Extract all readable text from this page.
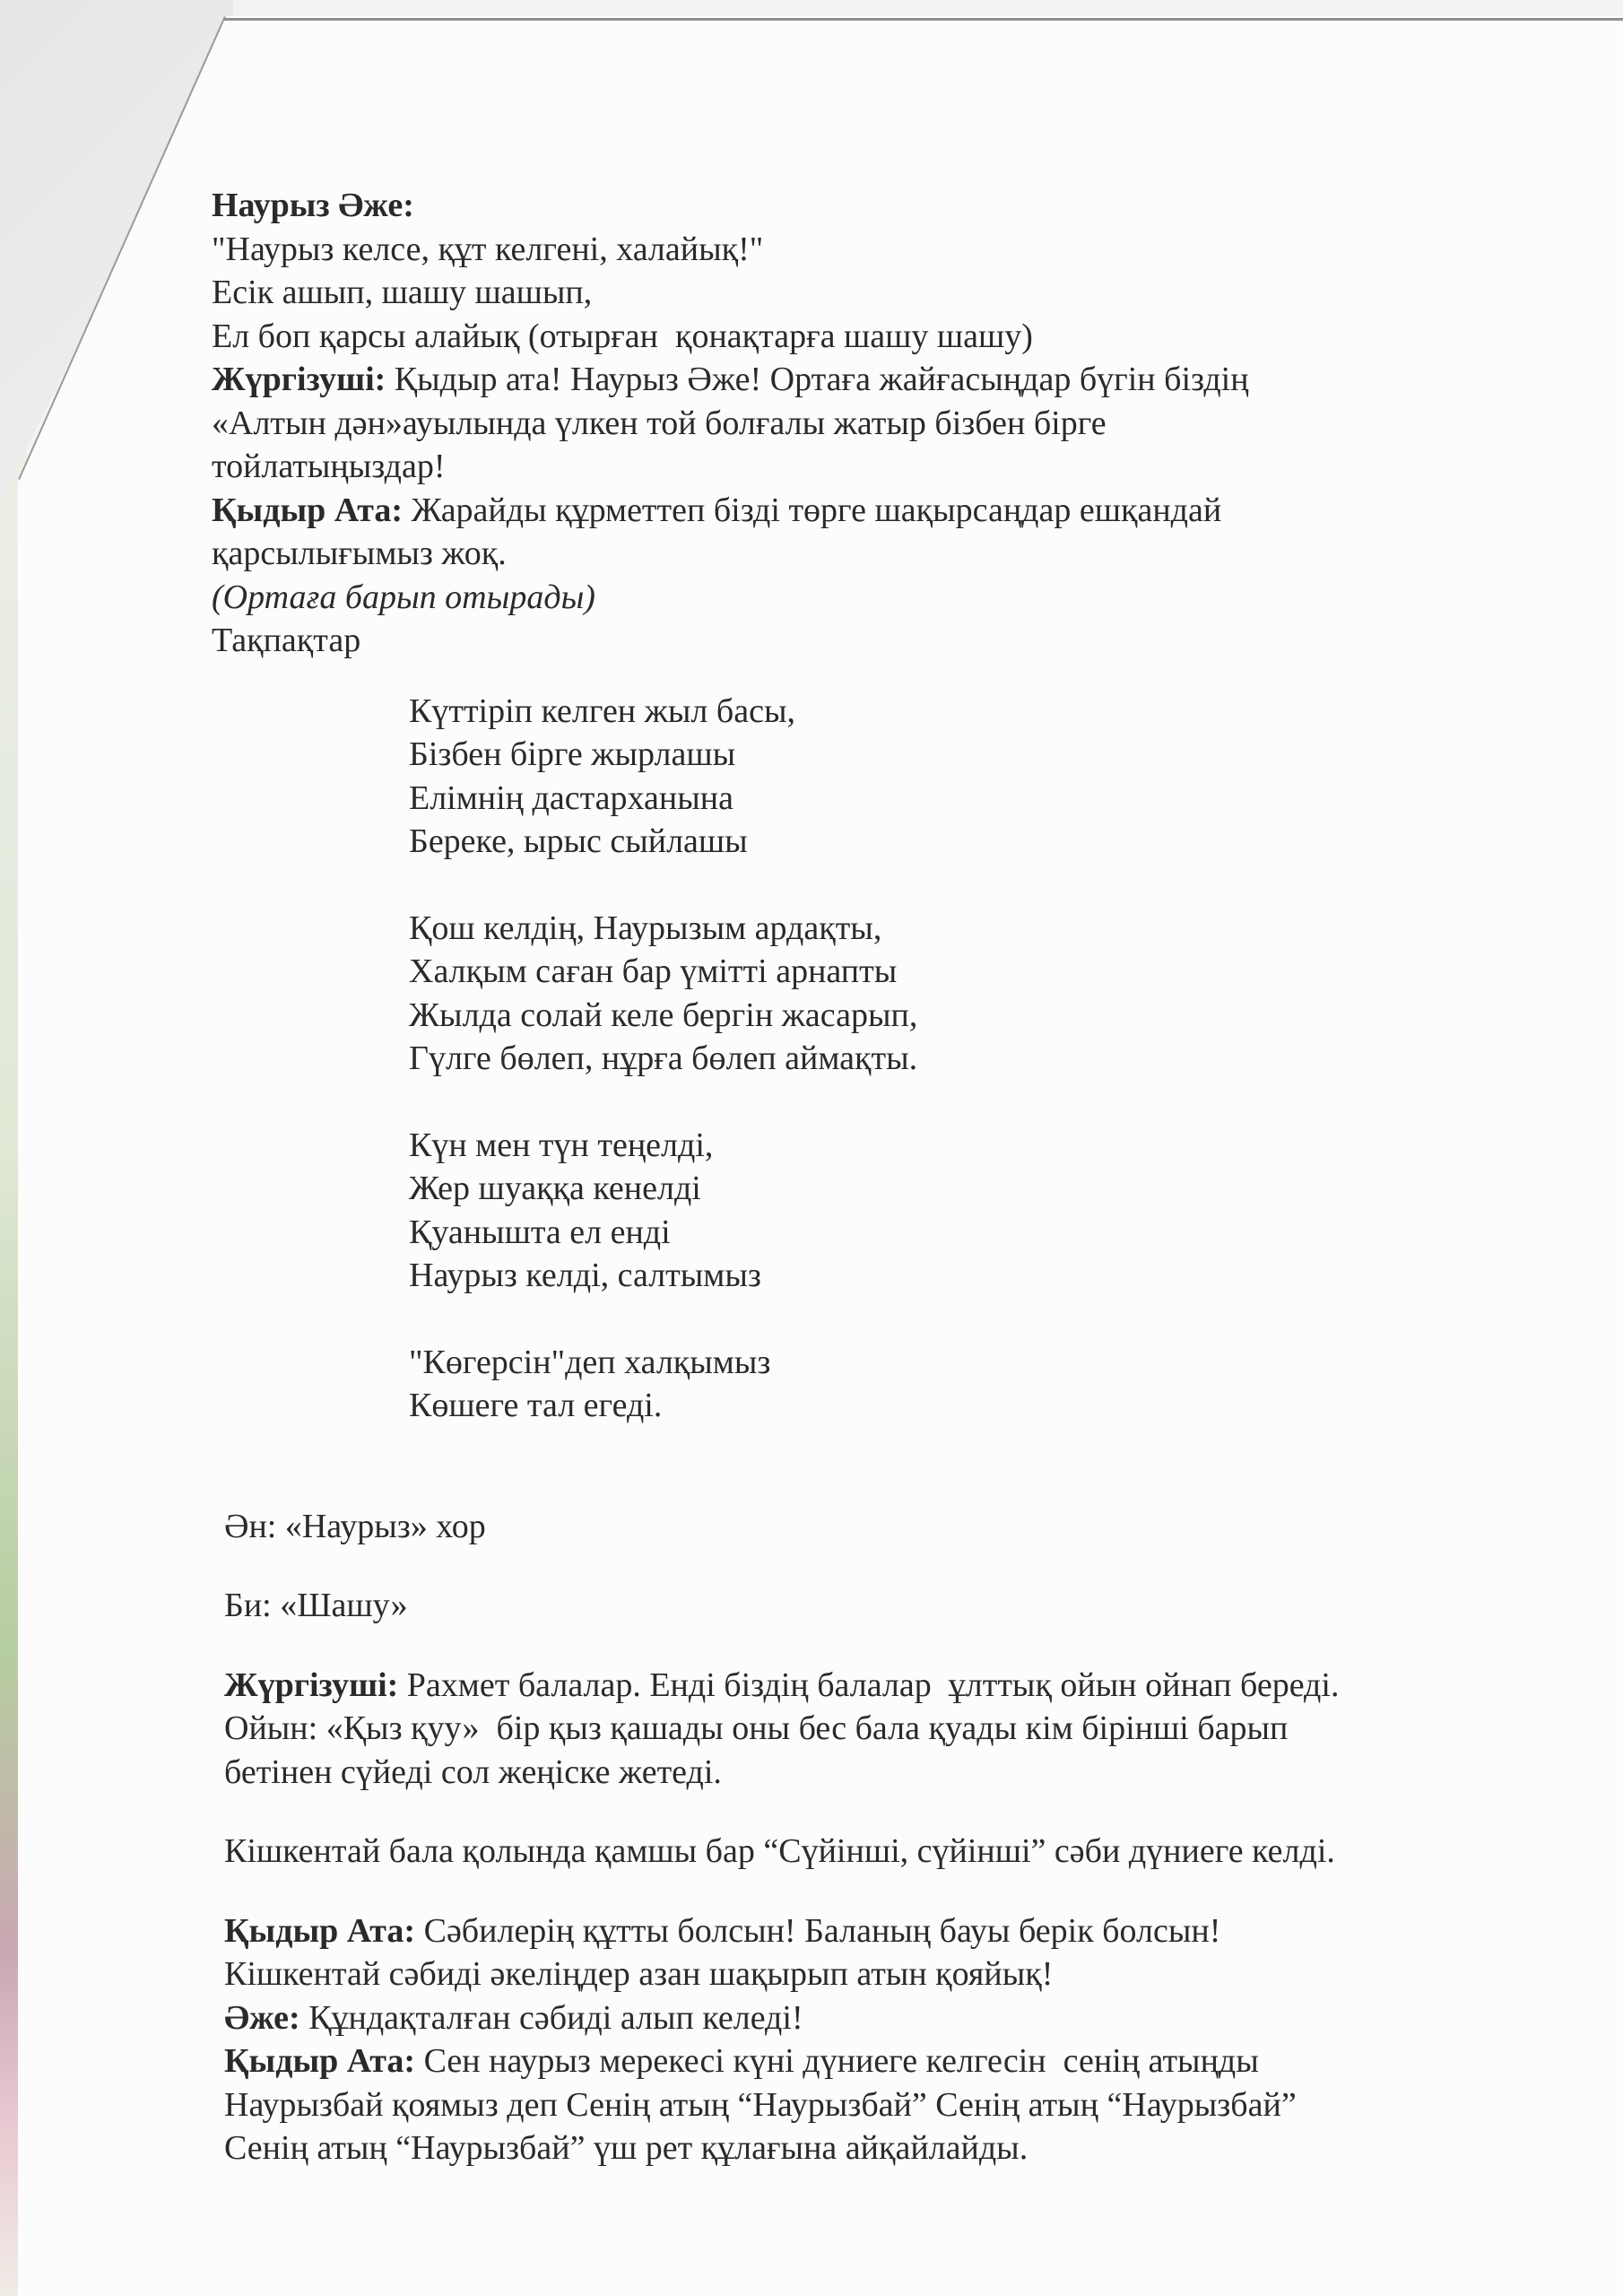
Наурыз Әже:
"Наурыз келсе, құт келгені, халайық!"
Есік ашып, шашу шашып,
Ел боп қарсы алайық (отырған  қонақтарға шашу шашу)
Жүргізуші: Қыдыр ата! Наурыз Әже! Ортаға жайғасыңдар бүгін біздің
«Алтын дән»ауылында үлкен той болғалы жатыр бізбен бірге
тойлатыңыздар!
Қыдыр Ата: Жарайды құрметтеп бізді төрге шақырсаңдар ешқандай
қарсылығымыз жоқ.
(Ортаға барып отырады)
Тақпақтар
Күттіріп келген жыл басы,
Бізбен бірге жырлашы
Елімнің дастарханына
Береке, ырыс сыйлашы
Қош келдің, Наурызым ардақты,
Халқым саған бар үмітті арнапты
Жылда солай келе бергін жасарып,
Гүлге бөлеп, нұрға бөлеп аймақты.
Күн мен түн теңелді,
Жер шуаққа кенелді
Қуанышта ел енді
Наурыз келді, салтымыз
"Көгерсін"деп халқымыз
Көшеге тал егеді.
Ән: «Наурыз» хор
Би: «Шашу»
Жүргізуші: Рахмет балалар. Енді біздің балалар  ұлттық ойын ойнап береді.
Ойын: «Қыз қуу»  бір қыз қашады оны бес бала қуады кім бірінші барып
бетінен сүйеді сол жеңіске жетеді.
Кішкентай бала қолында қамшы бар “Сүйінші, сүйінші” сәби дүниеге келді.
Қыдыр Ата: Сәбилерің құтты болсын! Баланың бауы берік болсын!
Кішкентай сәбиді әкеліңдер азан шақырып атын қояйық!
Әже: Құндақталған сәбиді алып келеді!
Қыдыр Ата: Сен наурыз мерекесі күні дүниеге келгесін  сенің атыңды
Наурызбай қоямыз деп Сенің атың “Наурызбай” Сенің атың “Наурызбай”
Сенің атың “Наурызбай” үш рет құлағына айқайлайды.
